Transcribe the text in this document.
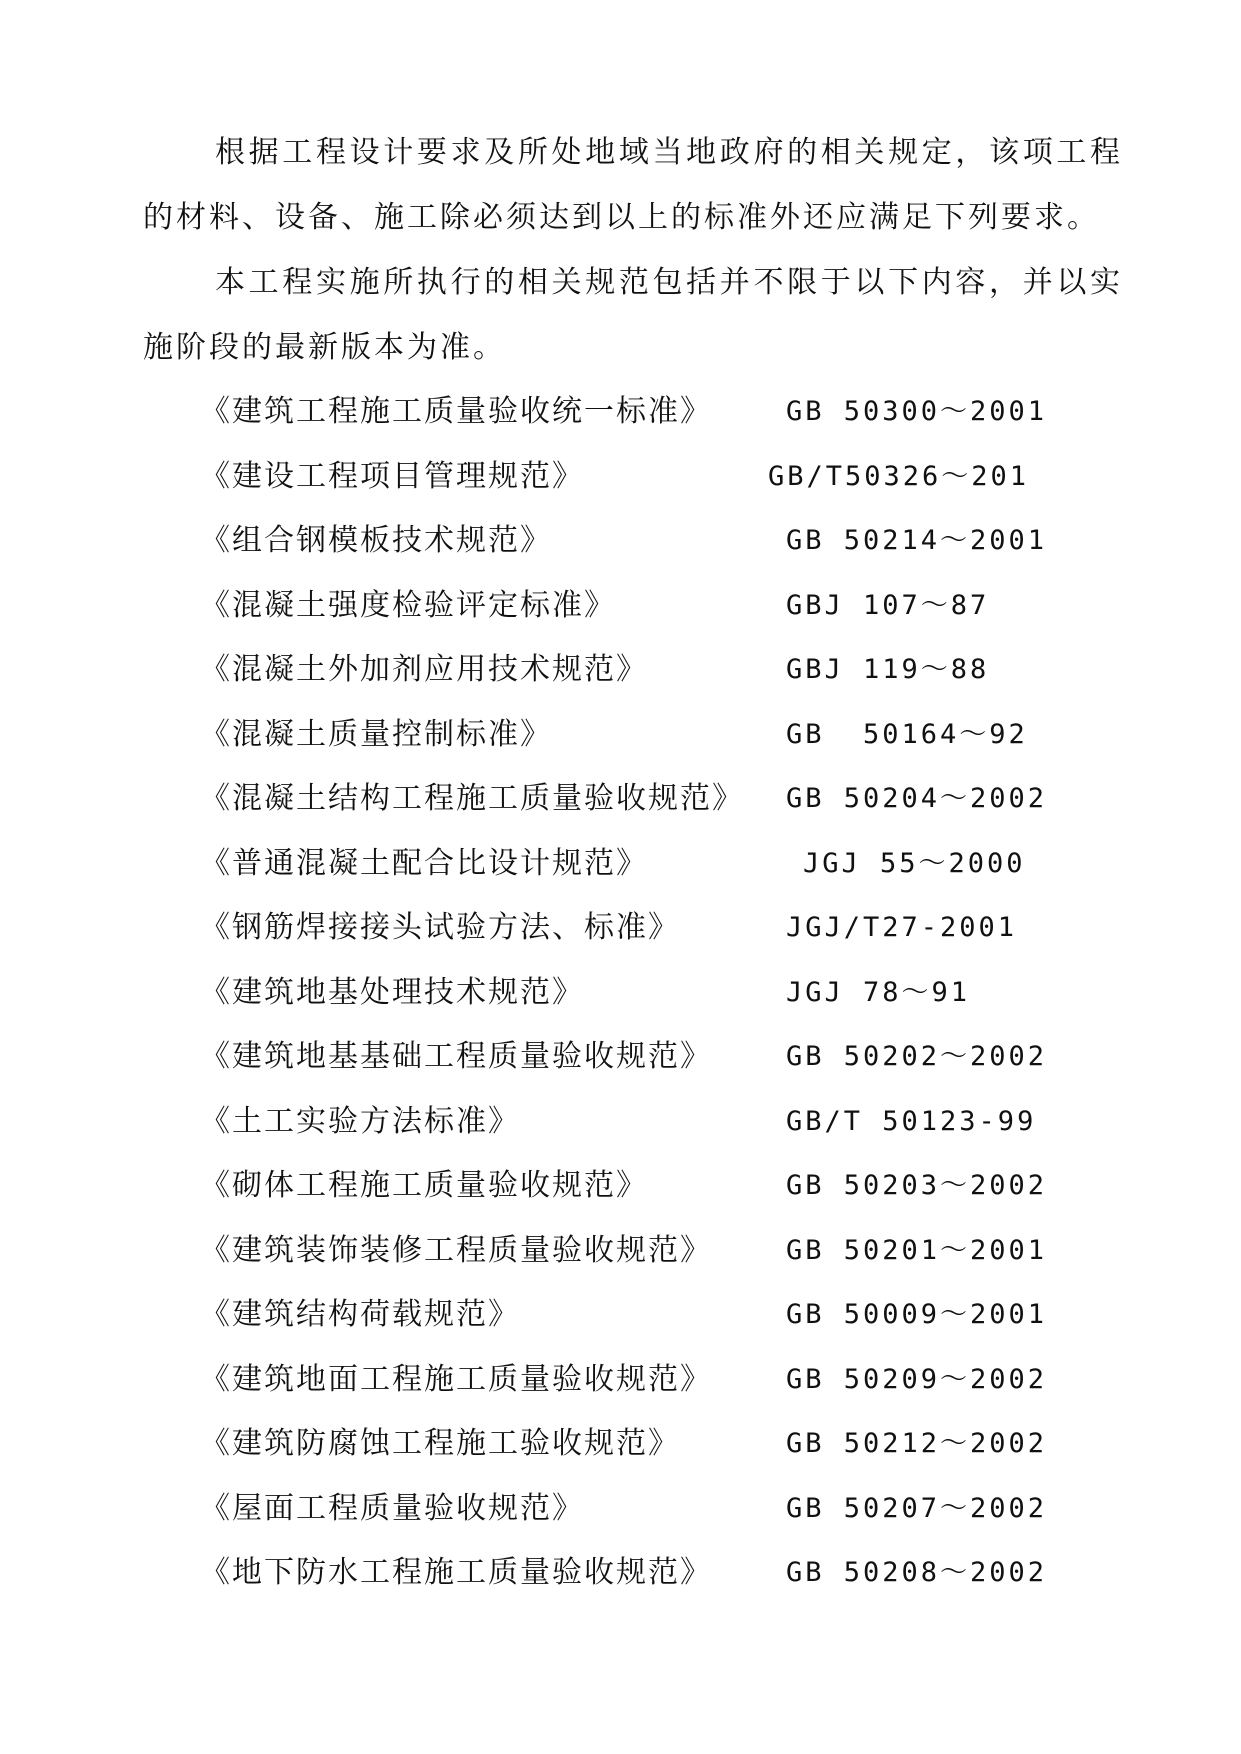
根据工程设计要求及所处地域当地政府的相关规定，该项工程的材料、设备、施工除必须达到以上的标准外还应满足下列要求。

本工程实施所执行的相关规范包括并不限于以下内容，并以实施阶段的最新版本为准。

《建筑工程施工质量验收统一标准》	GB 50300～2001
《建设工程项目管理规范》	GB/T50326～201
《组合钢模板技术规范》	GB 50214～2001
《混凝土强度检验评定标准》	GBJ 107～87
《混凝土外加剂应用技术规范》	GBJ 119～88
《混凝土质量控制标准》	GB  50164～92
《混凝土结构工程施工质量验收规范》 GB 50204～2002
《普通混凝土配合比设计规范》	JGJ 55～2000
《钢筋焊接接头试验方法、标准》	JGJ/T27-2001
《建筑地基处理技术规范》	JGJ 78～91
《建筑地基基础工程质量验收规范》	GB 50202～2002
《土工实验方法标准》	GB/T 50123-99
《砌体工程施工质量验收规范》	GB 50203～2002
《建筑装饰装修工程质量验收规范》	GB 50201～2001
《建筑结构荷载规范》	GB 50009～2001
《建筑地面工程施工质量验收规范》	GB 50209～2002
《建筑防腐蚀工程施工验收规范》	GB 50212～2002
《屋面工程质量验收规范》	GB 50207～2002
《地下防水工程施工质量验收规范》	GB 50208～2002
